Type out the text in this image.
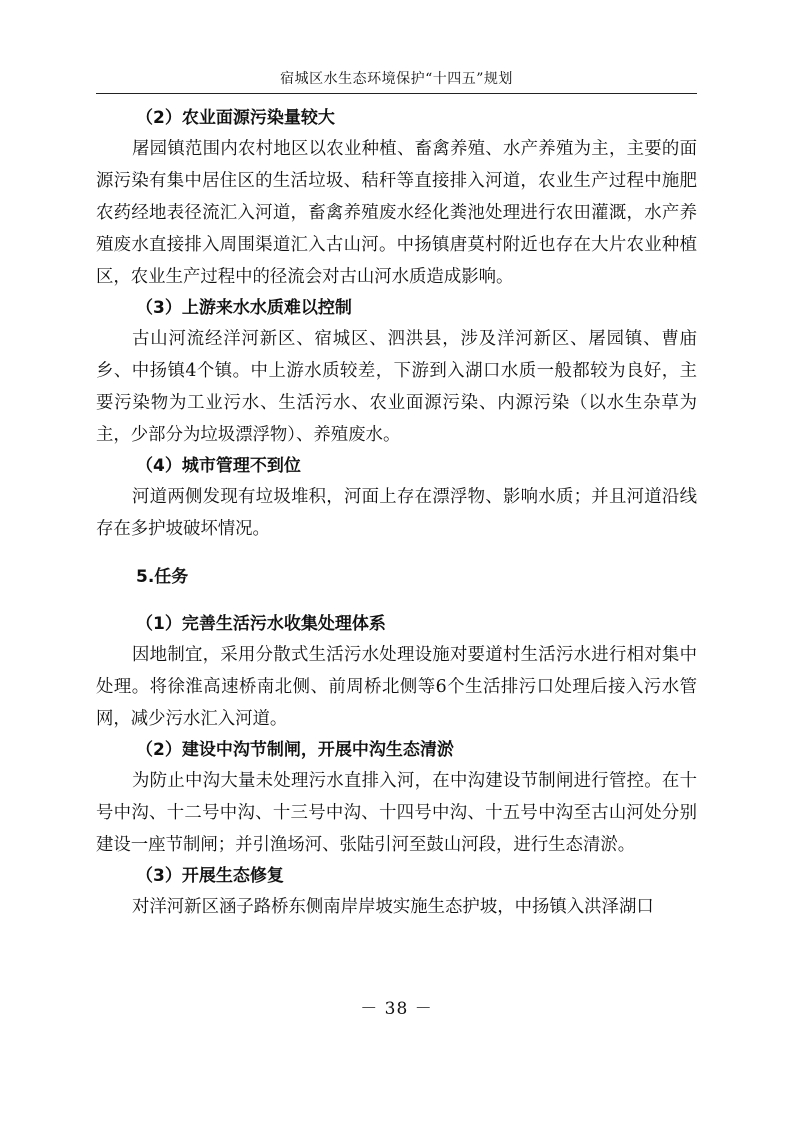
宿城区水生态环境保护“十四五”规划
（2）农业面源污染量较大

屠园镇范围内农村地区以农业种植、畜禽养殖、水产养殖为主，主要的面源污染有集中居住区的生活垃圾、秸秆等直接排入河道，农业生产过程中施肥农药经地表径流汇入河道，畜禽养殖废水经化粪池处理进行农田灌溉，水产养殖废水直接排入周围渠道汇入古山河。中扬镇唐莫村附近也存在大片农业种植区，农业生产过程中的径流会对古山河水质造成影响。

（3）上游来水水质难以控制

古山河流经洋河新区、宿城区、泗洪县，涉及洋河新区、屠园镇、曹庙乡、中扬镇4个镇。中上游水质较差，下游到入湖口水质一般都较为良好，主要污染物为工业污水、生活污水、农业面源污染、内源污染（以水生杂草为主，少部分为垃圾漂浮物）、养殖废水。

（4）城市管理不到位

河道两侧发现有垃圾堆积，河面上存在漂浮物、影响水质；并且河道沿线存在多护坡破坏情况。

5.任务
（1）完善生活污水收集处理体系

因地制宜，采用分散式生活污水处理设施对要道村生活污水进行相对集中处理。将徐淮高速桥南北侧、前周桥北侧等6个生活排污口处理后接入污水管网，减少污水汇入河道。

（2）建设中沟节制闸，开展中沟生态清淤

为防止中沟大量未处理污水直排入河，在中沟建设节制闸进行管控。在十号中沟、十二号中沟、十三号中沟、十四号中沟、十五号中沟至古山河处分别建设一座节制闸；并引渔场河、张陆引河至鼓山河段，进行生态清淤。

（3）开展生态修复

对洋河新区涵子路桥东侧南岸岸坡实施生态护坡，中扬镇入洪泽湖口

－ 38 －
